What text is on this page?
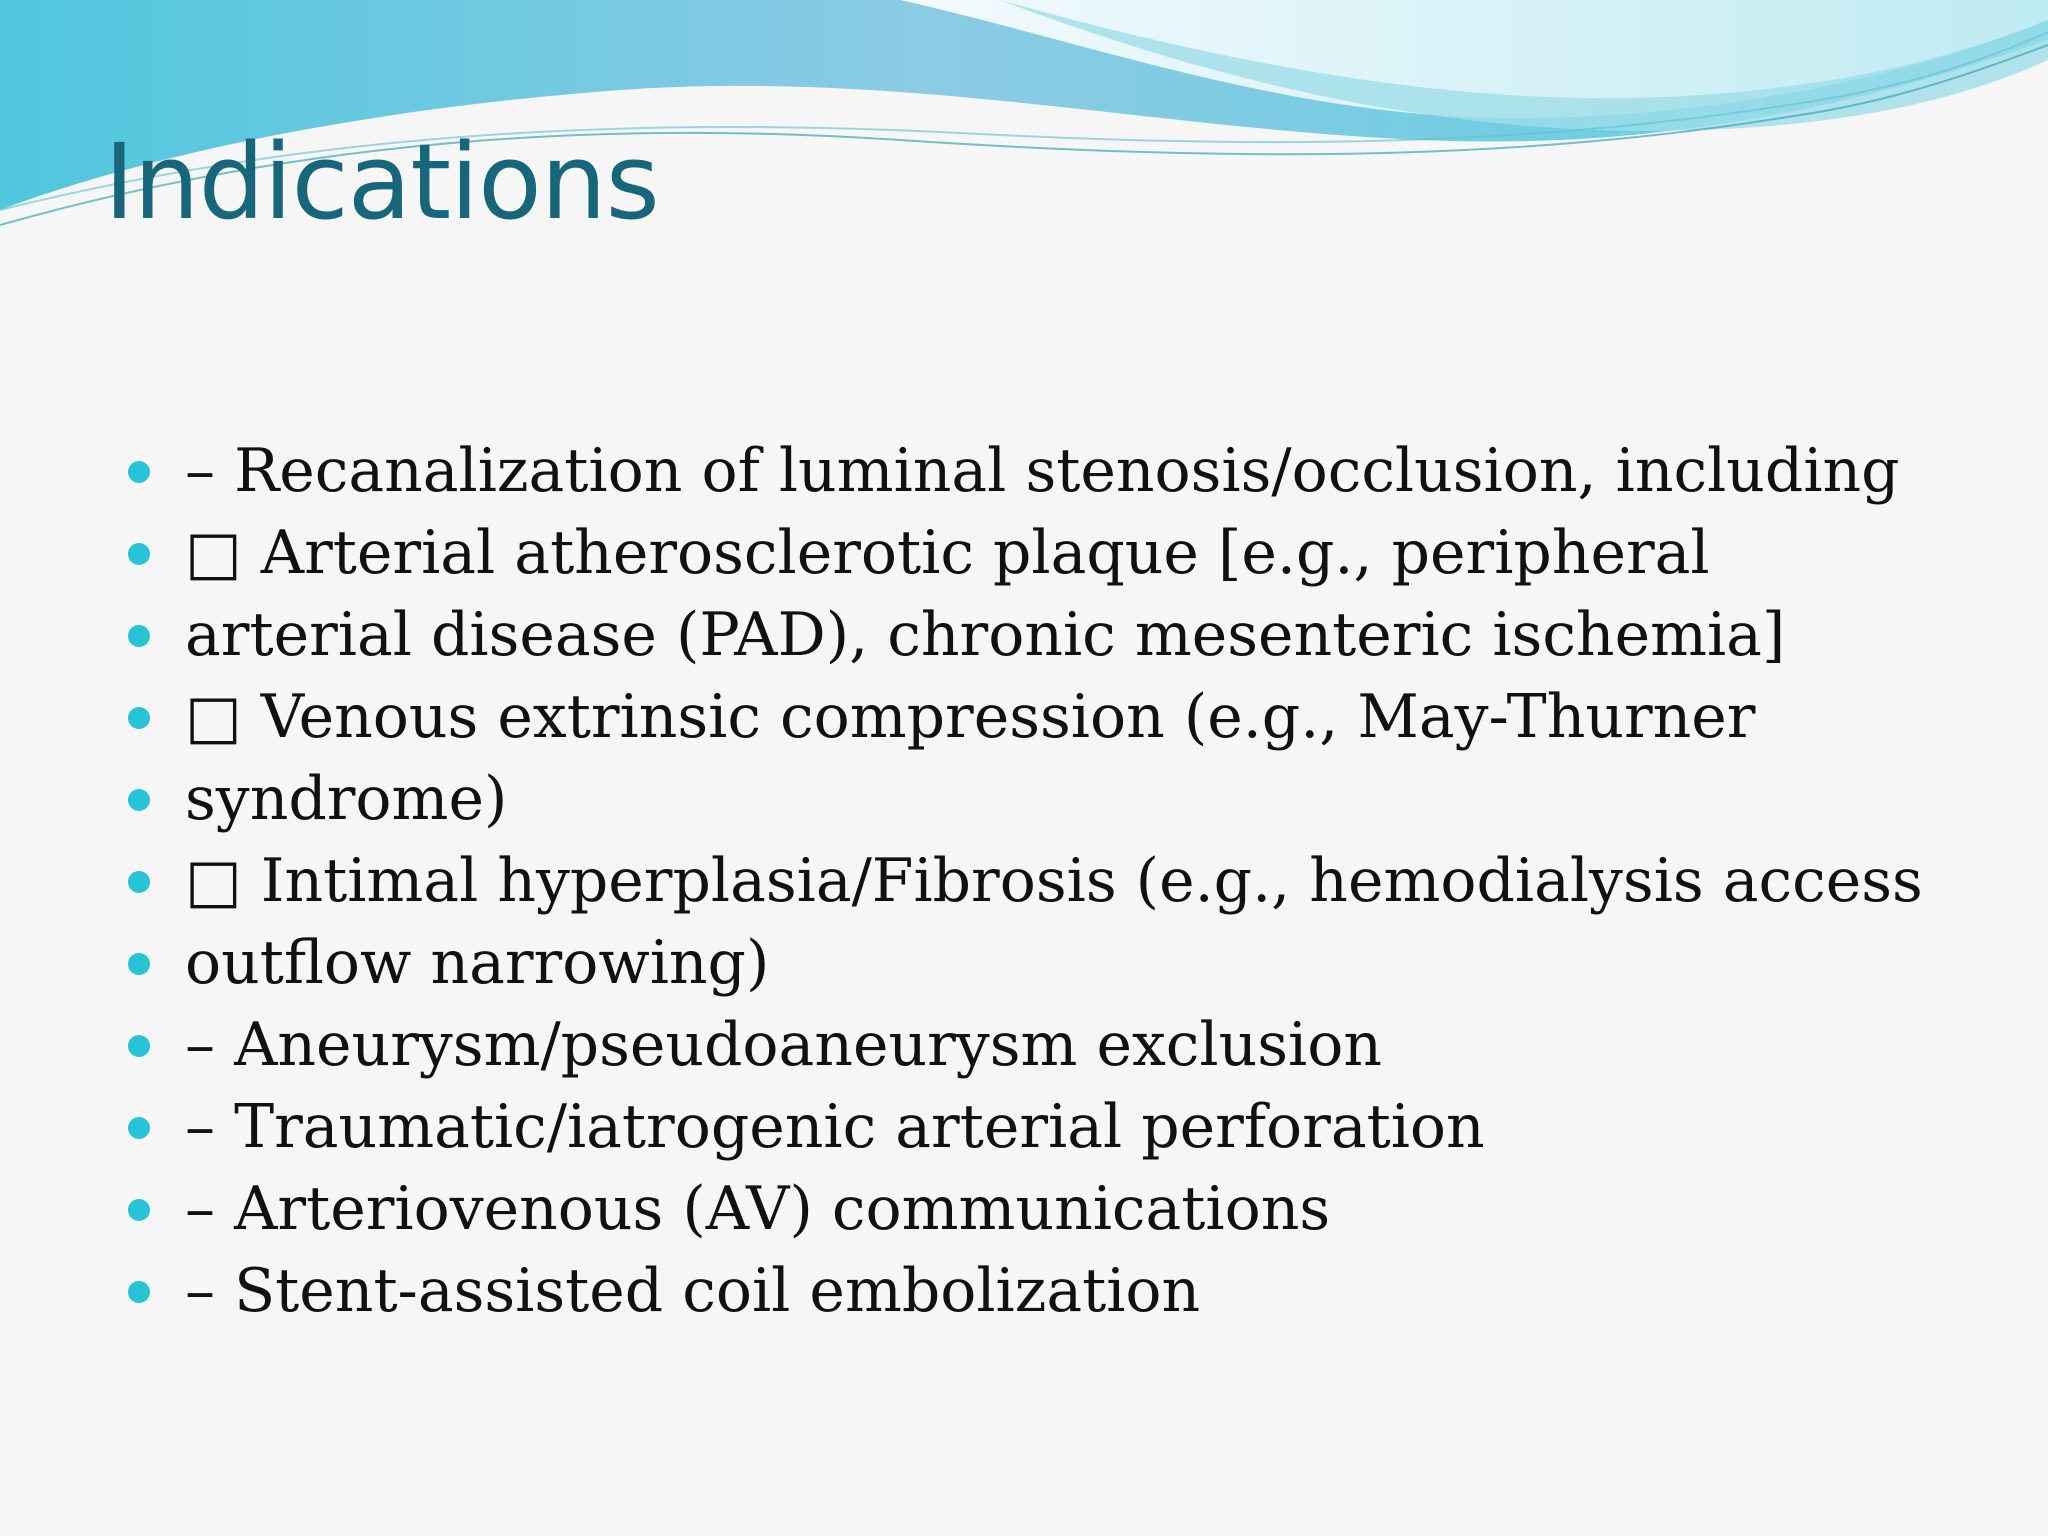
Indications
– Recanalization of luminal stenosis/occlusion, including
□ Arterial atherosclerotic plaque [e.g., peripheral
arterial disease (PAD), chronic mesenteric ischemia]
□ Venous extrinsic compression (e.g., May-Thurner
syndrome)
□ Intimal hyperplasia/Fibrosis (e.g., hemodialysis access
outflow narrowing)
– Aneurysm/pseudoaneurysm exclusion
– Traumatic/iatrogenic arterial perforation
– Arteriovenous (AV) communications
– Stent-assisted coil embolization
